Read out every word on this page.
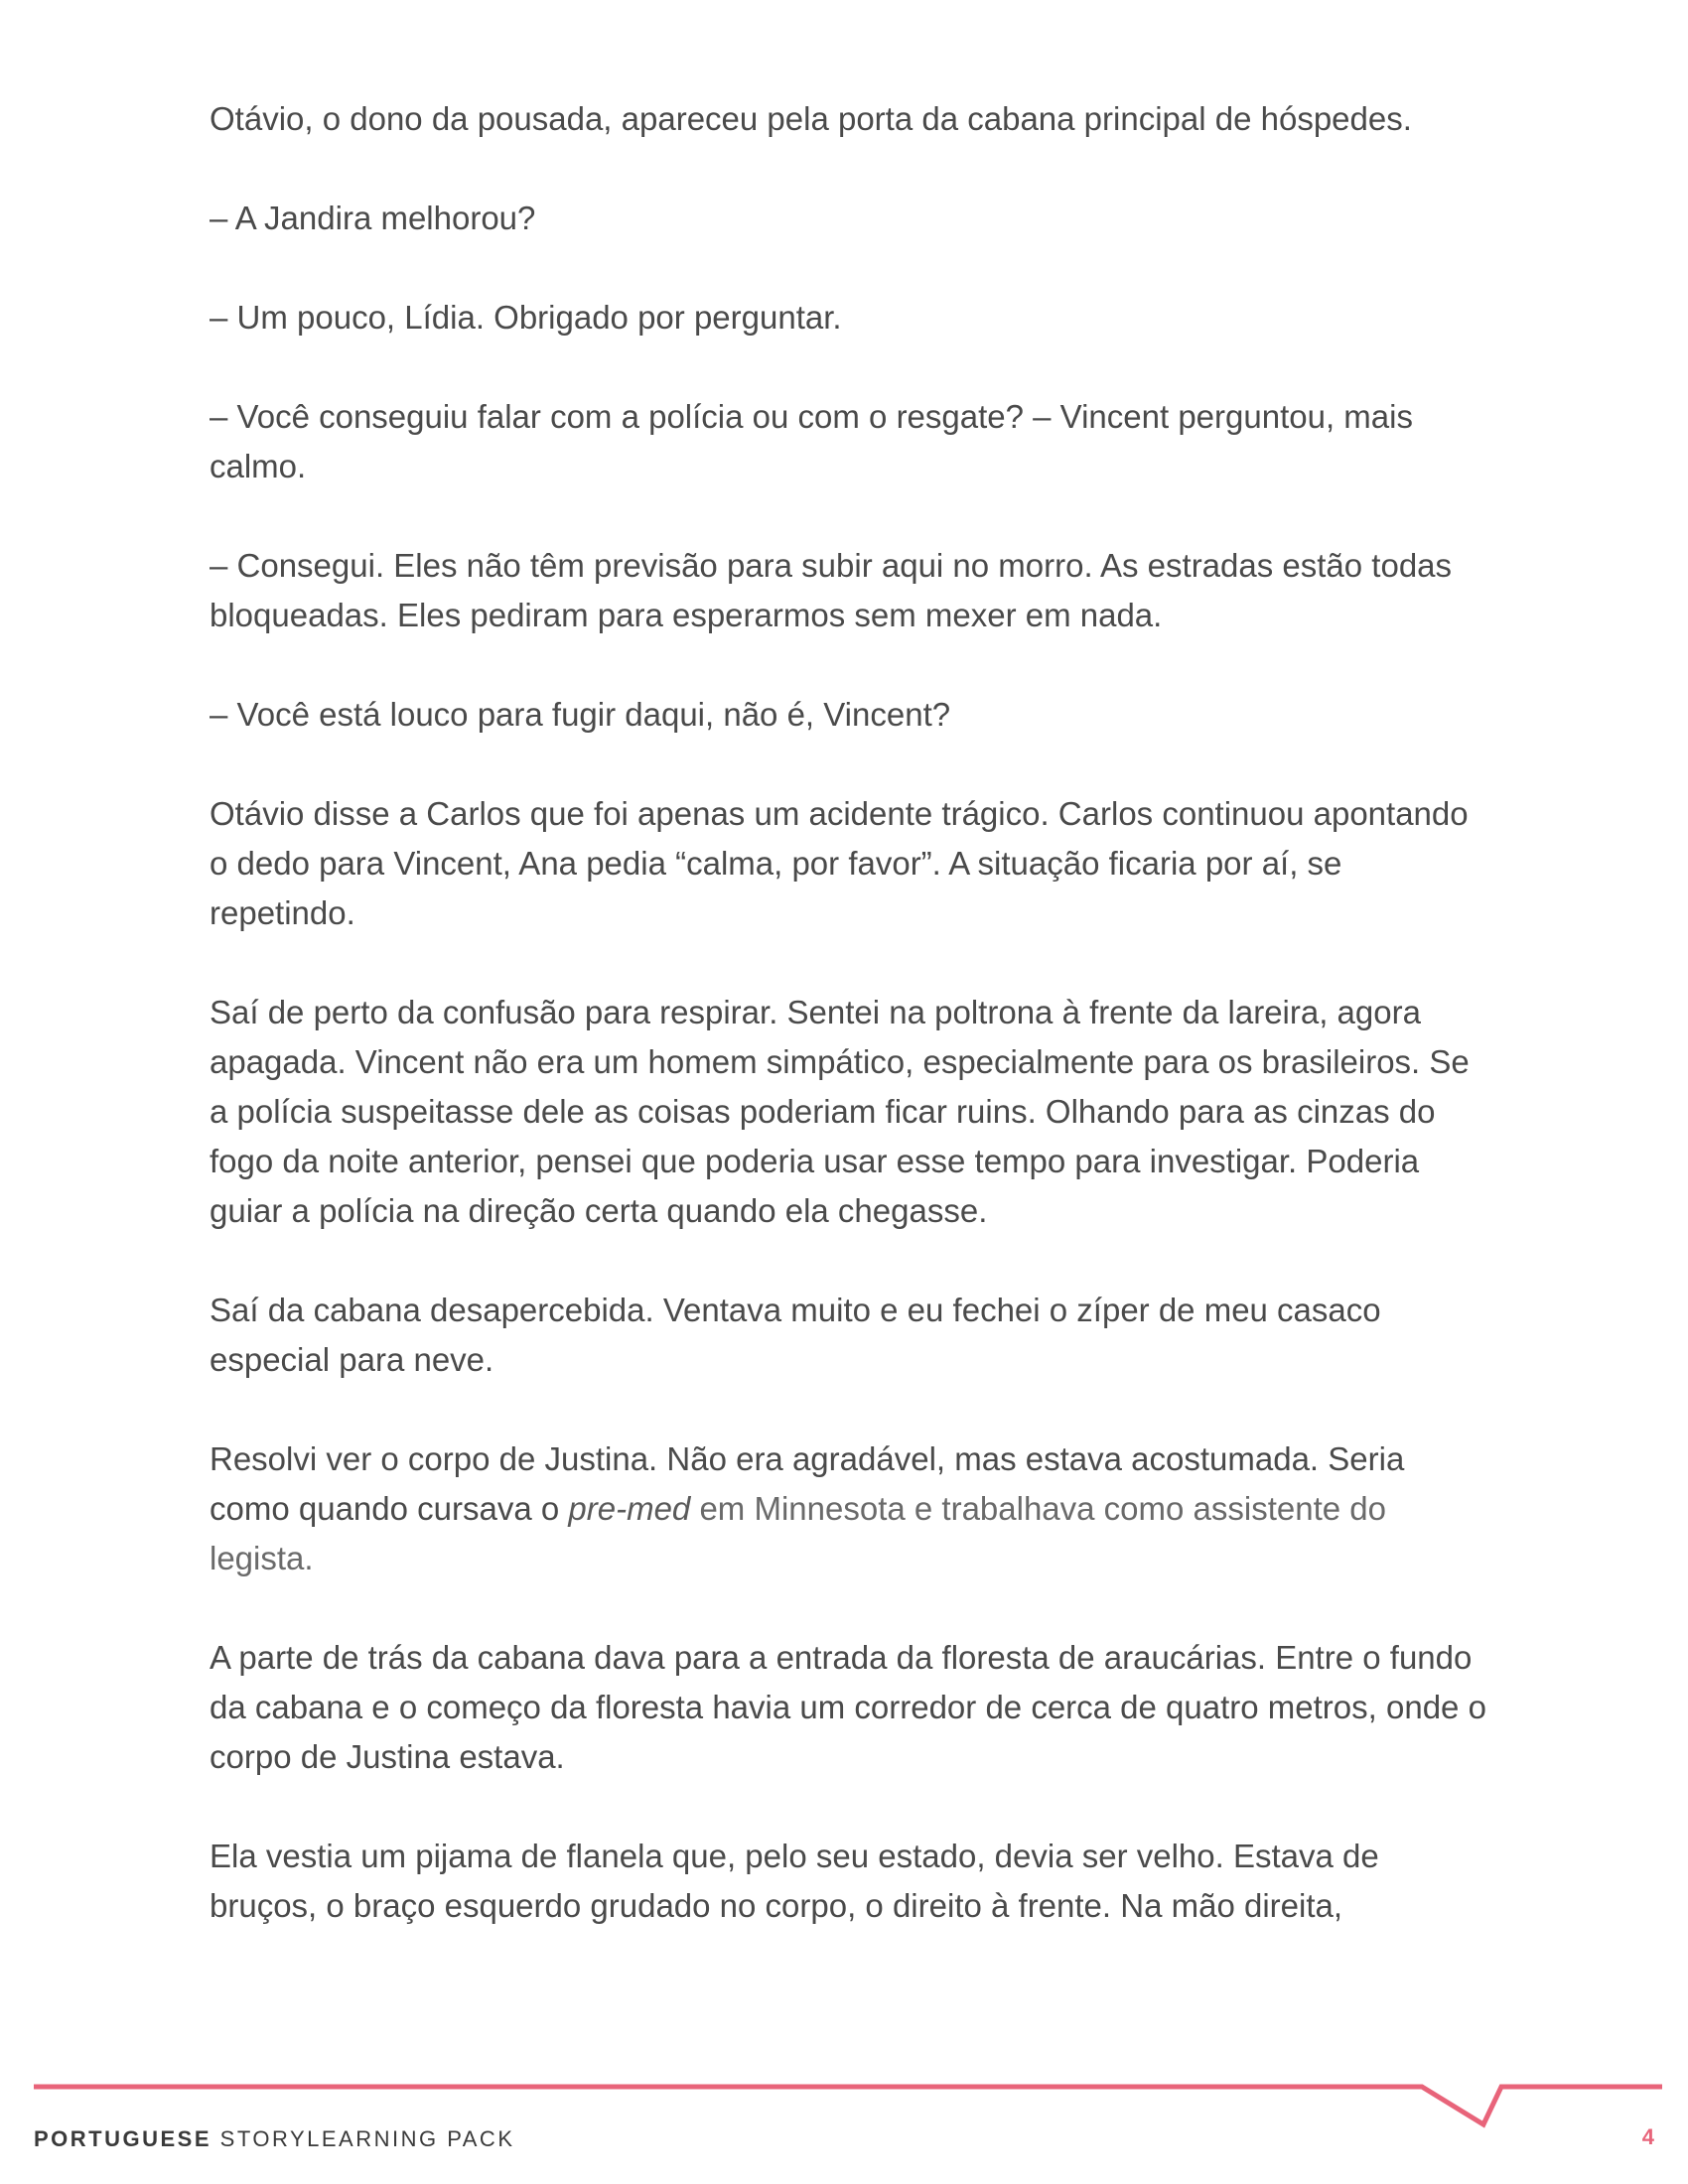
Otávio, o dono da pousada, apareceu pela porta da cabana principal de hóspedes.

– A Jandira melhorou?

– Um pouco, Lídia. Obrigado por perguntar.

– Você conseguiu falar com a polícia ou com o resgate? – Vincent perguntou, mais calmo.

– Consegui. Eles não têm previsão para subir aqui no morro. As estradas estão todas bloqueadas. Eles pediram para esperarmos sem mexer em nada.

– Você está louco para fugir daqui, não é, Vincent?

Otávio disse a Carlos que foi apenas um acidente trágico. Carlos continuou apontando o dedo para Vincent, Ana pedia “calma, por favor”. A situação ficaria por aí, se repetindo.

Saí de perto da confusão para respirar. Sentei na poltrona à frente da lareira, agora apagada. Vincent não era um homem simpático, especialmente para os brasileiros. Se a polícia suspeitasse dele as coisas poderiam ficar ruins. Olhando para as cinzas do fogo da noite anterior, pensei que poderia usar esse tempo para investigar. Poderia guiar a polícia na direção certa quando ela chegasse.

Saí da cabana desapercebida. Ventava muito e eu fechei o zíper de meu casaco especial para neve.

Resolvi ver o corpo de Justina. Não era agradável, mas estava acostumada. Seria como quando cursava o pre-med em Minnesota e trabalhava como assistente do legista.

A parte de trás da cabana dava para a entrada da floresta de araucárias. Entre o fundo da cabana e o começo da floresta havia um corredor de cerca de quatro metros, onde o corpo de Justina estava.

Ela vestia um pijama de flanela que, pelo seu estado, devia ser velho. Estava de bruços, o braço esquerdo grudado no corpo, o direito à frente. Na mão direita,

PORTUGUESE STORYLEARNING PACK	4
